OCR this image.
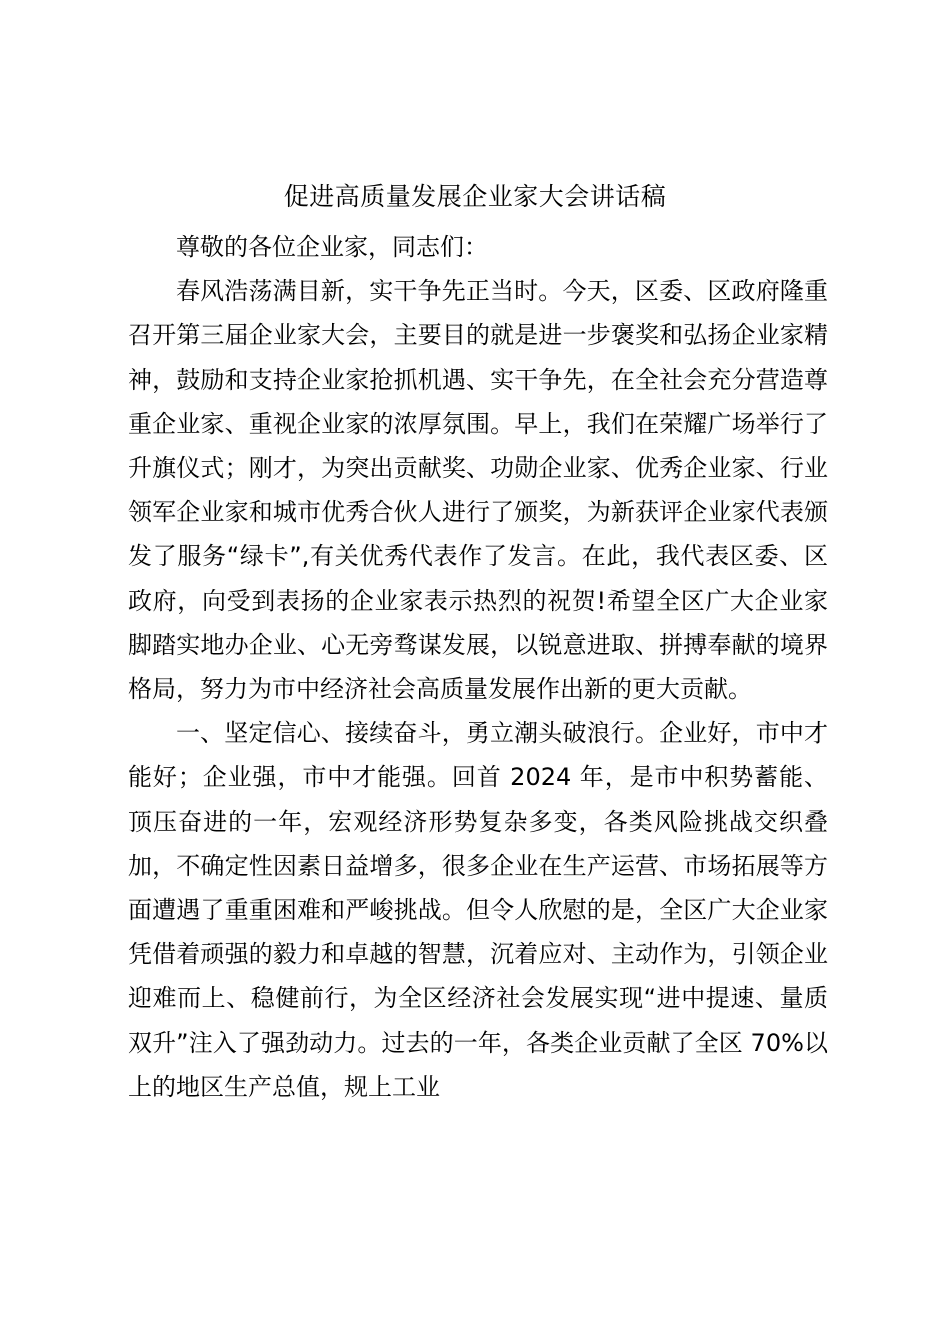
促进高质量发展企业家大会讲话稿

尊敬的各位企业家，同志们：

春风浩荡满目新，实干争先正当时。今天，区委、区政府隆重召开第三届企业家大会，主要目的就是进一步褒奖和弘扬企业家精神，鼓励和支持企业家抢抓机遇、实干争先，在全社会充分营造尊重企业家、重视企业家的浓厚氛围。早上，我们在荣耀广场举行了升旗仪式；刚才，为突出贡献奖、功勋企业家、优秀企业家、行业领军企业家和城市优秀合伙人进行了颁奖，为新获评企业家代表颁发了服务“绿卡”,有关优秀代表作了发言。在此，我代表区委、区政府，向受到表扬的企业家表示热烈的祝贺!希望全区广大企业家脚踏实地办企业、心无旁骛谋发展，以锐意进取、拼搏奉献的境界格局，努力为市中经济社会高质量发展作出新的更大贡献。

一、坚定信心、接续奋斗，勇立潮头破浪行。企业好，市中才能好；企业强，市中才能强。回首 2024 年，是市中积势蓄能、顶压奋进的一年，宏观经济形势复杂多变，各类风险挑战交织叠加，不确定性因素日益增多，很多企业在生产运营、市场拓展等方面遭遇了重重困难和严峻挑战。但令人欣慰的是，全区广大企业家凭借着顽强的毅力和卓越的智慧，沉着应对、主动作为，引领企业迎难而上、稳健前行，为全区经济社会发展实现“进中提速、量质双升”注入了强劲动力。过去的一年，各类企业贡献了全区 70%以上的地区生产总值，规上工业
